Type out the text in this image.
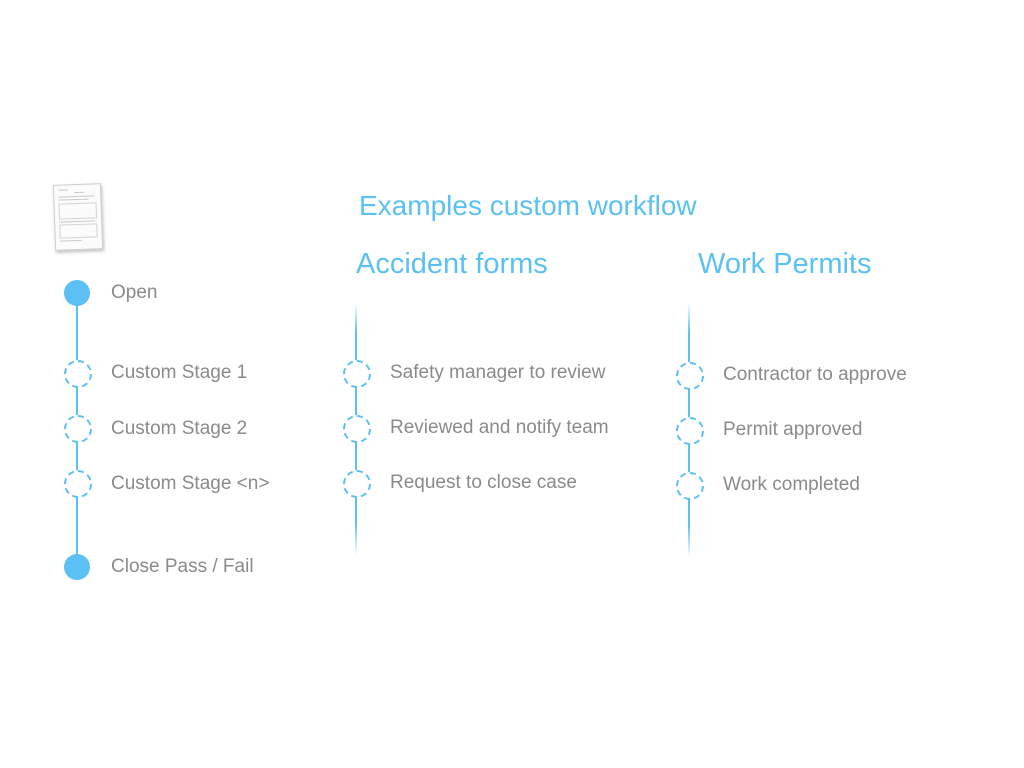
Examples custom workflow
Accident forms	Work Permits
Open
Custom Stage 1
Custom Stage 2
Custom Stage <n>
Close Pass / Fail
Safety manager to review
Reviewed and notify team
Request to close case
Contractor to approve
Permit approved
Work completed
